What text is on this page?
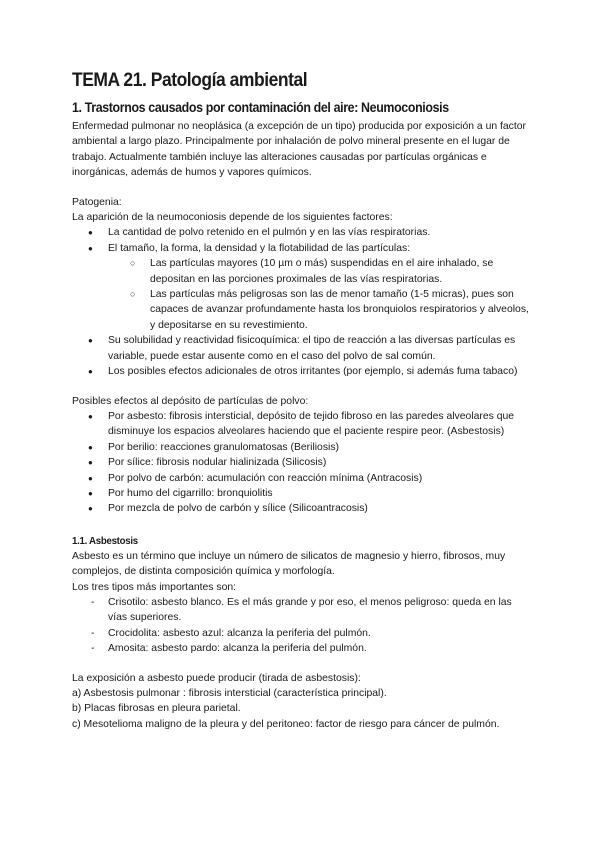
TEMA 21. Patología ambiental
1. Trastornos causados por contaminación del aire: Neumoconiosis

Enfermedad pulmonar no neoplásica (a excepción de un tipo) producida por exposición a un factor ambiental a largo plazo. Principalmente por inhalación de polvo mineral presente en el lugar de trabajo. Actualmente también incluye las alteraciones causadas por partículas orgánicas e inorgánicas, además de humos y vapores químicos.

Patogenia:

La aparición de la neumoconiosis depende de los siguientes factores:

● La cantidad de polvo retenido en el pulmón y en las vías respiratorias.
● El tamaño, la forma, la densidad y la flotabilidad de las partículas:
○ Las partículas mayores (10 µm o más) suspendidas en el aire inhalado, se depositan en las porciones proximales de las vías respiratorias.
○ Las partículas más peligrosas son las de menor tamaño (1-5 micras), pues son capaces de avanzar profundamente hasta los bronquiolos respiratorios y alveolos, y depositarse en su revestimiento.
● Su solubilidad y reactividad fisicoquímica: el tipo de reacción a las diversas partículas es variable, puede estar ausente como en el caso del polvo de sal común.
● Los posibles efectos adicionales de otros irritantes (por ejemplo, si además fuma tabaco)

Posibles efectos al depósito de partículas de polvo:

● Por asbesto: fibrosis intersticial, depósito de tejido fibroso en las paredes alveolares que disminuye los espacios alveolares haciendo que el paciente respire peor. (Asbestosis)
● Por berilio: reacciones granulomatosas (Beriliosis)
● Por sílice: fibrosis nodular hialinizada (Silicosis)
● Por polvo de carbón: acumulación con reacción mínima (Antracosis)
● Por humo del cigarrillo: bronquiolitis
● Por mezcla de polvo de carbón y sílice (Silicoantracosis)
1.1. Asbestosis

Asbesto es un término que incluye un número de silicatos de magnesio y hierro, fibrosos, muy complejos, de distinta composición química y morfología.

Los tres tipos más importantes son:

- Crisotilo: asbesto blanco. Es el más grande y por eso, el menos peligroso: queda en las vías superiores.
- Crocidolita: asbesto azul: alcanza la periferia del pulmón.
- Amosita: asbesto pardo: alcanza la periferia del pulmón.

La exposición a asbesto puede producir (tirada de asbestosis):

a) Asbestosis pulmonar : fibrosis intersticial (característica principal).

b) Placas fibrosas en pleura parietal.

c) Mesotelioma maligno de la pleura y del peritoneo: factor de riesgo para cáncer de pulmón.
